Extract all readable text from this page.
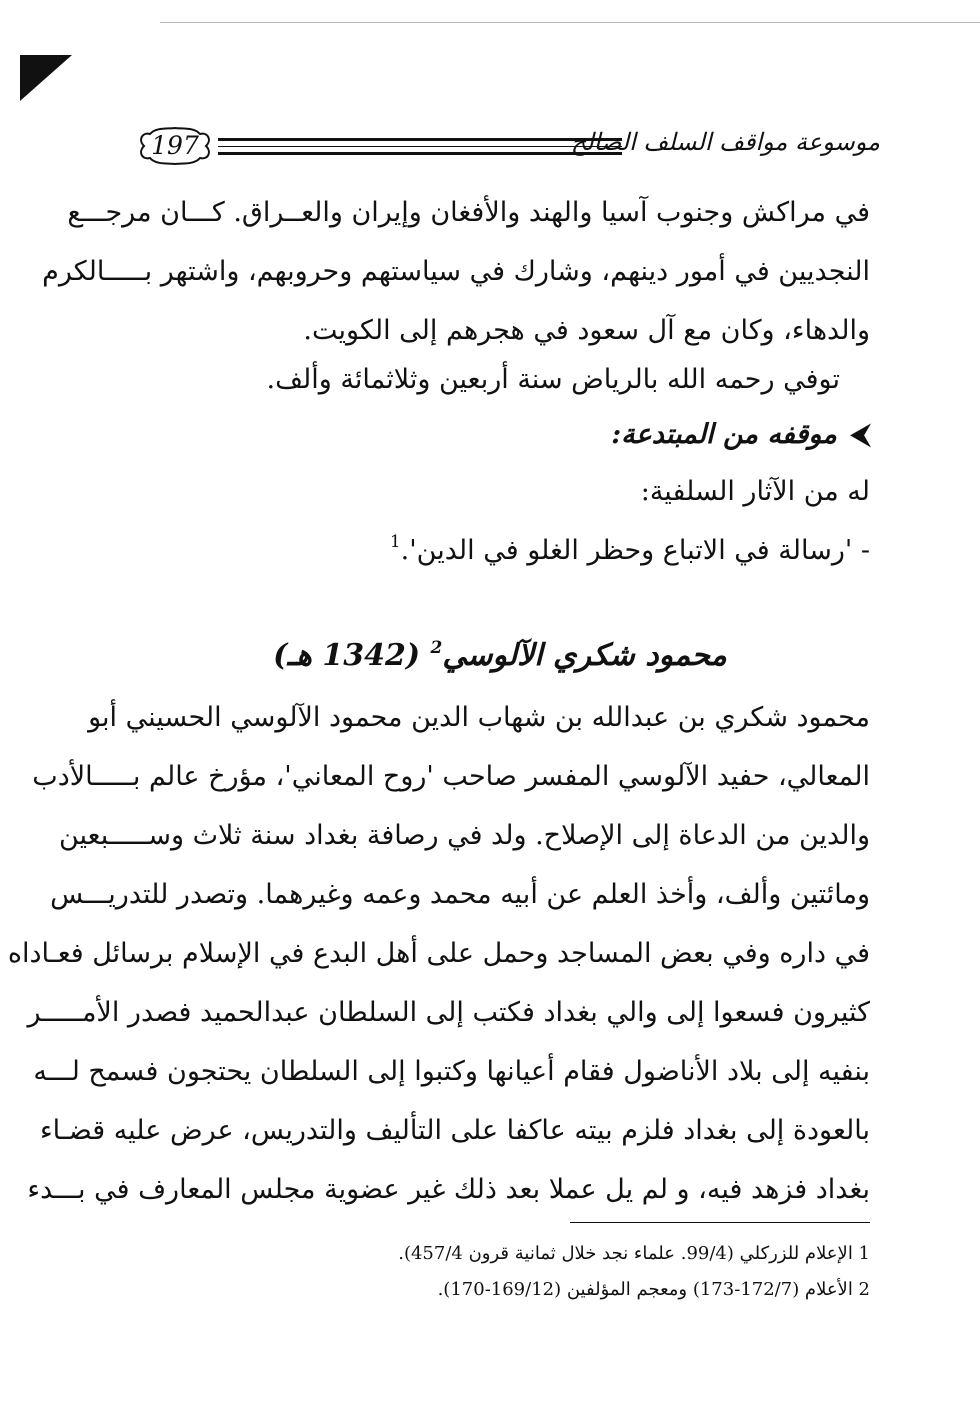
197	موسوعة مواقف السلف الصالح

في مراكش وجنوب آسيا والهند والأفغان وإيران والعــراق. كـــان مرجـــع

النجديين في أمور دينهم، وشارك في سياستهم وحروبهم، واشتهر بـــــالكرم

والدهاء، وكان مع آل سعود في هجرهم إلى الكويت.

توفي رحمه الله بالرياض سنة أربعين وثلاثمائة وألف.

⮜موقفه من المبتدعة:

له من الآثار السلفية:

- 'رسالة في الاتباع وحظر الغلو في الدين'.$^1$

محمود شكري الآلوسي$^2$ (1342 هـ)

محمود شكري بن عبدالله بن شهاب الدين محمود الآلوسي الحسيني أبو

المعالي، حفيد الآلوسي المفسر صاحب 'روح المعاني'، مؤرخ عالم بـــــالأدب

والدين من الدعاة إلى الإصلاح. ولد في رصافة بغداد سنة ثلاث وســـــبعين

ومائتين وألف، وأخذ العلم عن أبيه محمد وعمه وغيرهما. وتصدر للتدريـــس

في داره وفي بعض المساجد وحمل على أهل البدع في الإسلام برسائل فعـاداه

كثيرون فسعوا إلى والي بغداد فكتب إلى السلطان عبدالحميد فصدر الأمـــــر

بنفيه إلى بلاد الأناضول فقام أعيانها وكتبوا إلى السلطان يحتجون فسمح لـــه

بالعودة إلى بغداد فلزم بيته عاكفا على التأليف والتدريس، عرض عليه قضـاء

بغداد فزهد فيه، و لم يل عملا بعد ذلك غير عضوية مجلس المعارف في بـــدء

1 الإعلام للزركلي (99/4. علماء نجد خلال ثمانية قرون 457/4).

2 الأعلام (172/7-173) ومعجم المؤلفين (169/12-170).
